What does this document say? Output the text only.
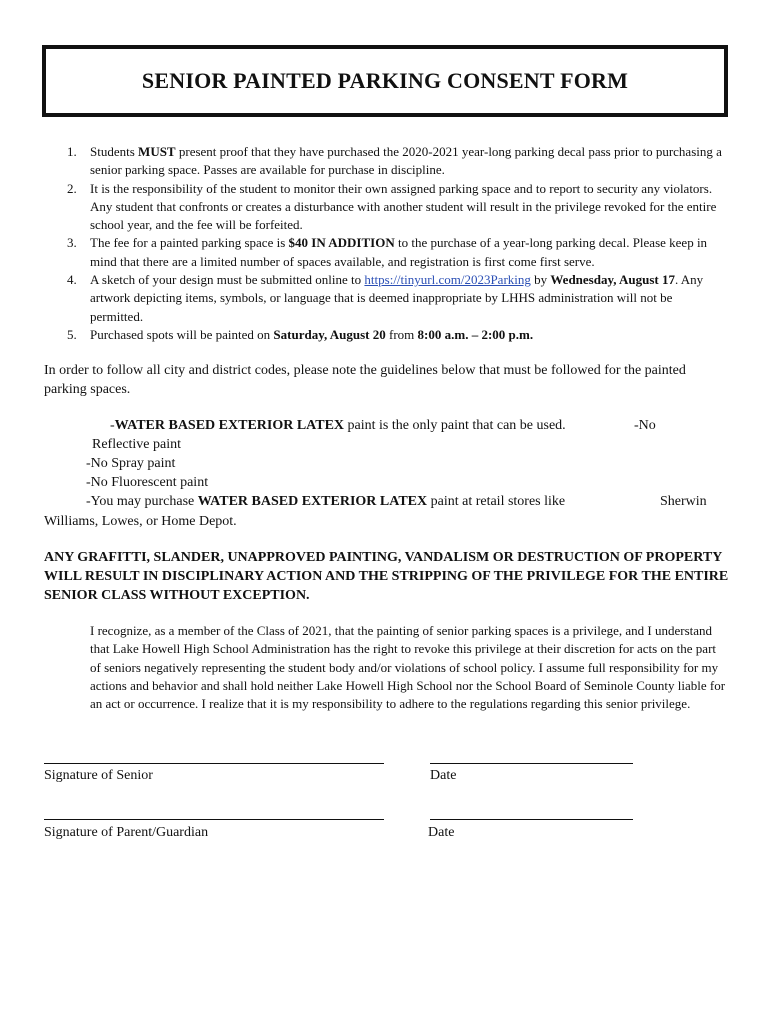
SENIOR PAINTED PARKING CONSENT FORM
1.	Students MUST present proof that they have purchased the 2020-2021 year-long parking decal pass prior to purchasing a senior parking space. Passes are available for purchase in discipline.
2.	It is the responsibility of the student to monitor their own assigned parking space and to report to security any violators. Any student that confronts or creates a disturbance with another student will result in the privilege revoked for the entire school year, and the fee will be forfeited.
3.	The fee for a painted parking space is $40 IN ADDITION to the purchase of a year-long parking decal. Please keep in mind that there are a limited number of spaces available, and registration is first come first serve.
4.	A sketch of your design must be submitted online to https://tinyurl.com/2023Parking by Wednesday, August 17. Any artwork depicting items, symbols, or language that is deemed inappropriate by LHHS administration will not be permitted.
5.	Purchased spots will be painted on Saturday, August 20 from 8:00 a.m. – 2:00 p.m.
In order to follow all city and district codes, please note the guidelines below that must be followed for the painted parking spaces.
-WATER BASED EXTERIOR LATEX paint is the only paint that can be used.	-No
Reflective paint
-No Spray paint
-No Fluorescent paint
-You may purchase WATER BASED EXTERIOR LATEX paint at retail stores like	Sherwin
Williams, Lowes, or Home Depot.
ANY GRAFITTI, SLANDER, UNAPPROVED PAINTING, VANDALISM OR DESTRUCTION OF PROPERTY WILL RESULT IN DISCIPLINARY ACTION AND THE STRIPPING OF THE PRIVILEGE FOR THE ENTIRE SENIOR CLASS WITHOUT EXCEPTION.
I recognize, as a member of the Class of 2021, that the painting of senior parking spaces is a privilege, and I understand that Lake Howell High School Administration has the right to revoke this privilege at their discretion for acts on the part of seniors negatively representing the student body and/or violations of school policy. I assume full responsibility for my actions and behavior and shall hold neither Lake Howell High School nor the School Board of Seminole County liable for an act or occurrence. I realize that it is my responsibility to adhere to the regulations regarding this senior privilege.
Signature of Senior	Date
Signature of Parent/Guardian	Date
